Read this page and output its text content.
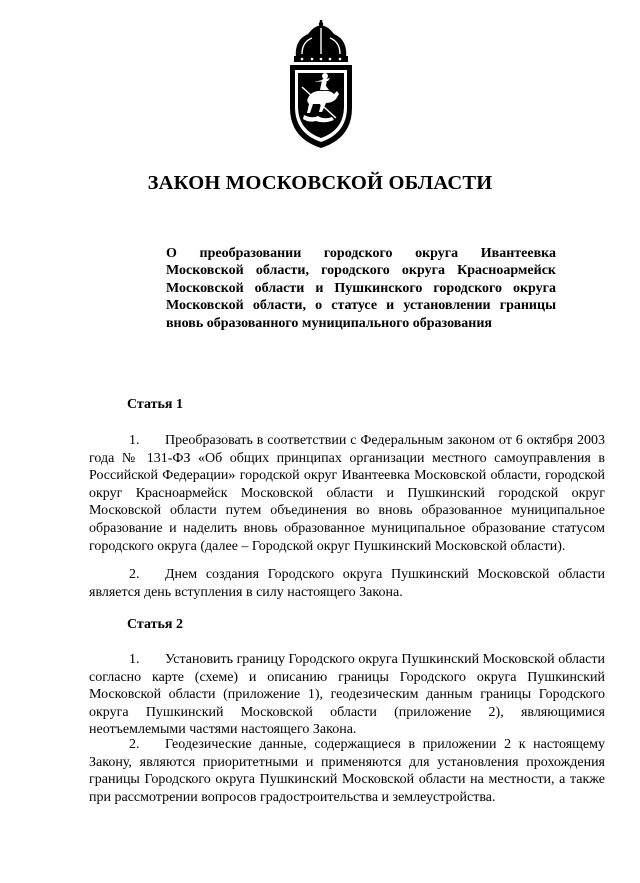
ЗАКОН МОСКОВСКОЙ ОБЛАСТИ
О преобразовании городского округа Ивантеевка Московской области, городского округа Красноармейск Московской области и Пушкинского городского округа Московской области, о статусе и установлении границы вновь образованного муниципального образования
Статья 1
1. Преобразовать в соответствии с Федеральным законом от 6 октября 2003 года № 131-ФЗ «Об общих принципах организации местного самоуправления в Российской Федерации» городской округ Ивантеевка Московской области, городской округ Красноармейск Московской области и Пушкинский городской округ Московской области путем объединения во вновь образованное муниципальное образование и наделить вновь образованное муниципальное образование статусом городского округа (далее – Городской округ Пушкинский Московской области).
2. Днем создания Городского округа Пушкинский Московской области является день вступления в силу настоящего Закона.
Статья 2
1. Установить границу Городского округа Пушкинский Московской области согласно карте (схеме) и описанию границы Городского округа Пушкинский Московской области (приложение 1), геодезическим данным границы Городского округа Пушкинский Московской области (приложение 2), являющимися неотъемлемыми частями настоящего Закона.
2. Геодезические данные, содержащиеся в приложении 2 к настоящему Закону, являются приоритетными и применяются для установления прохождения границы Городского округа Пушкинский Московской области на местности, а также при рассмотрении вопросов градостроительства и землеустройства.
